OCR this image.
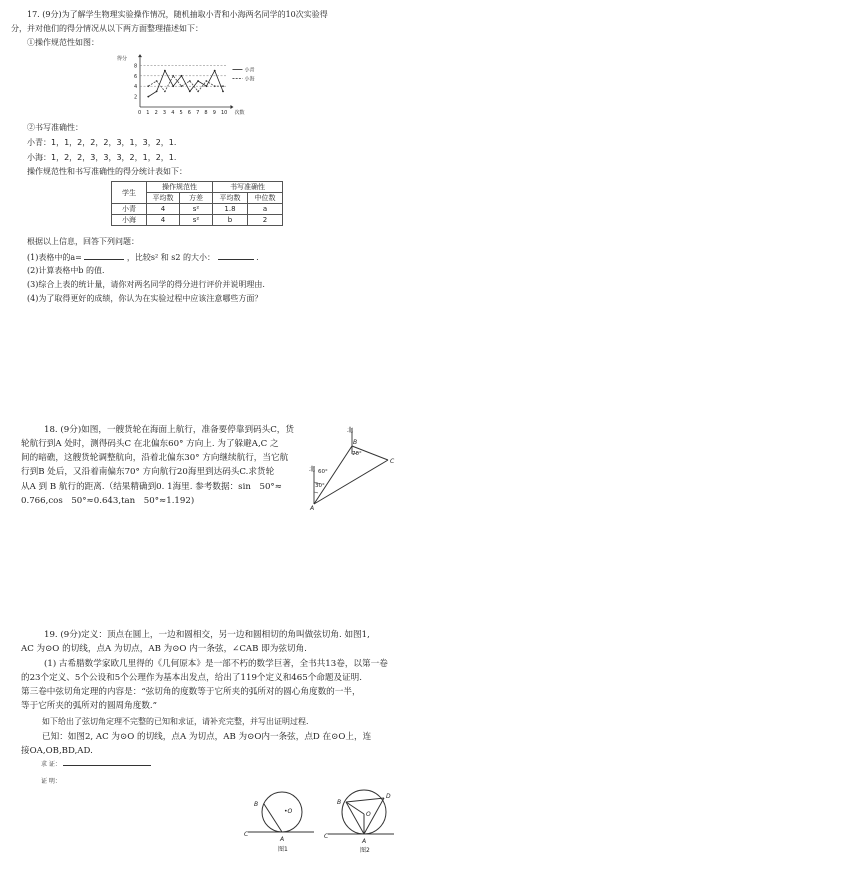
17. (9分)为了解学生物理实验操作情况，随机抽取小青和小海两名同学的10次实验得
分，并对他们的得分情况从以下两方面整理描述如下：
①操作规范性如图：
2
4
6
8
0 1 2 3 4 5 6 7 8 9 10
得分
次数
小青
小海
②书写准确性：
小青：1，1，2，2，2，3，1，3，2，1.
小海：1，2，2，3，3，3，2，1，2，1.
操作规范性和书写准确性的得分统计表如下：
学生	操作规范性		书写准确性	
	平均数	方差	平均数	中位数
小青	4	s²	1.8	a
小海	4	s²	b	2
根据以上信息，回答下列问题：
(1)表格中的a=	，比较s² 和 s2 的大小：	.
(2)计算表格中b 的值．
(3)综合上表的统计量，请你对两名同学的得分进行评价并说明理由.
(4)为了取得更好的成绩，你认为在实验过程中应该注意哪些方面？
18. (9分)如图，一艘货轮在海面上航行，准备要停靠到码头C，货
轮航行到A 处时，测得码头C 在北偏东60° 方向上. 为了躲避A,C 之
间的暗礁，这艘货轮调整航向，沿着北偏东30° 方向继续航行，当它航
行到B 处后，又沿着南偏东70° 方向航行20海里到达码头C.求货轮
从A 到 B 航行的距离.（结果精确到0. 1海里. 参考数据：sin　50°≈
0.766,cos　50°≈0.643,tan　50°≈1.192)
北
北
B
C
A
70°
60°
30°
19. (9分)定义：顶点在圆上，一边和圆相交，另一边和圆相切的角叫做弦切角. 如图1,
AC 为⊙O 的切线，点A 为切点，AB 为⊙O 内一条弦，∠CAB 即为弦切角.
(1) 古希腊数学家欧几里得的《几何原本》是一部不朽的数学巨著，全书共13卷，以第一卷
的23个定义、5个公设和5个公理作为基本出发点，给出了119个定义和465个命题及证明.
第三卷中弦切角定理的内容是：“弦切角的度数等于它所夹的弧所对的圆心角度数的一半，
等于它所夹的弧所对的圆周角度数.”
如下给出了弦切角定理不完整的已知和求证，请补充完整，并写出证明过程．
已知：如图2, AC 为⊙O 的切线，点A 为切点，AB 为⊙O内一条弦，点D 在⊙O上，连
接OA,OB,BD,AD.
求 证：
证 明：
B
•O
C
A
图1
B
D
O
C
A
图2
